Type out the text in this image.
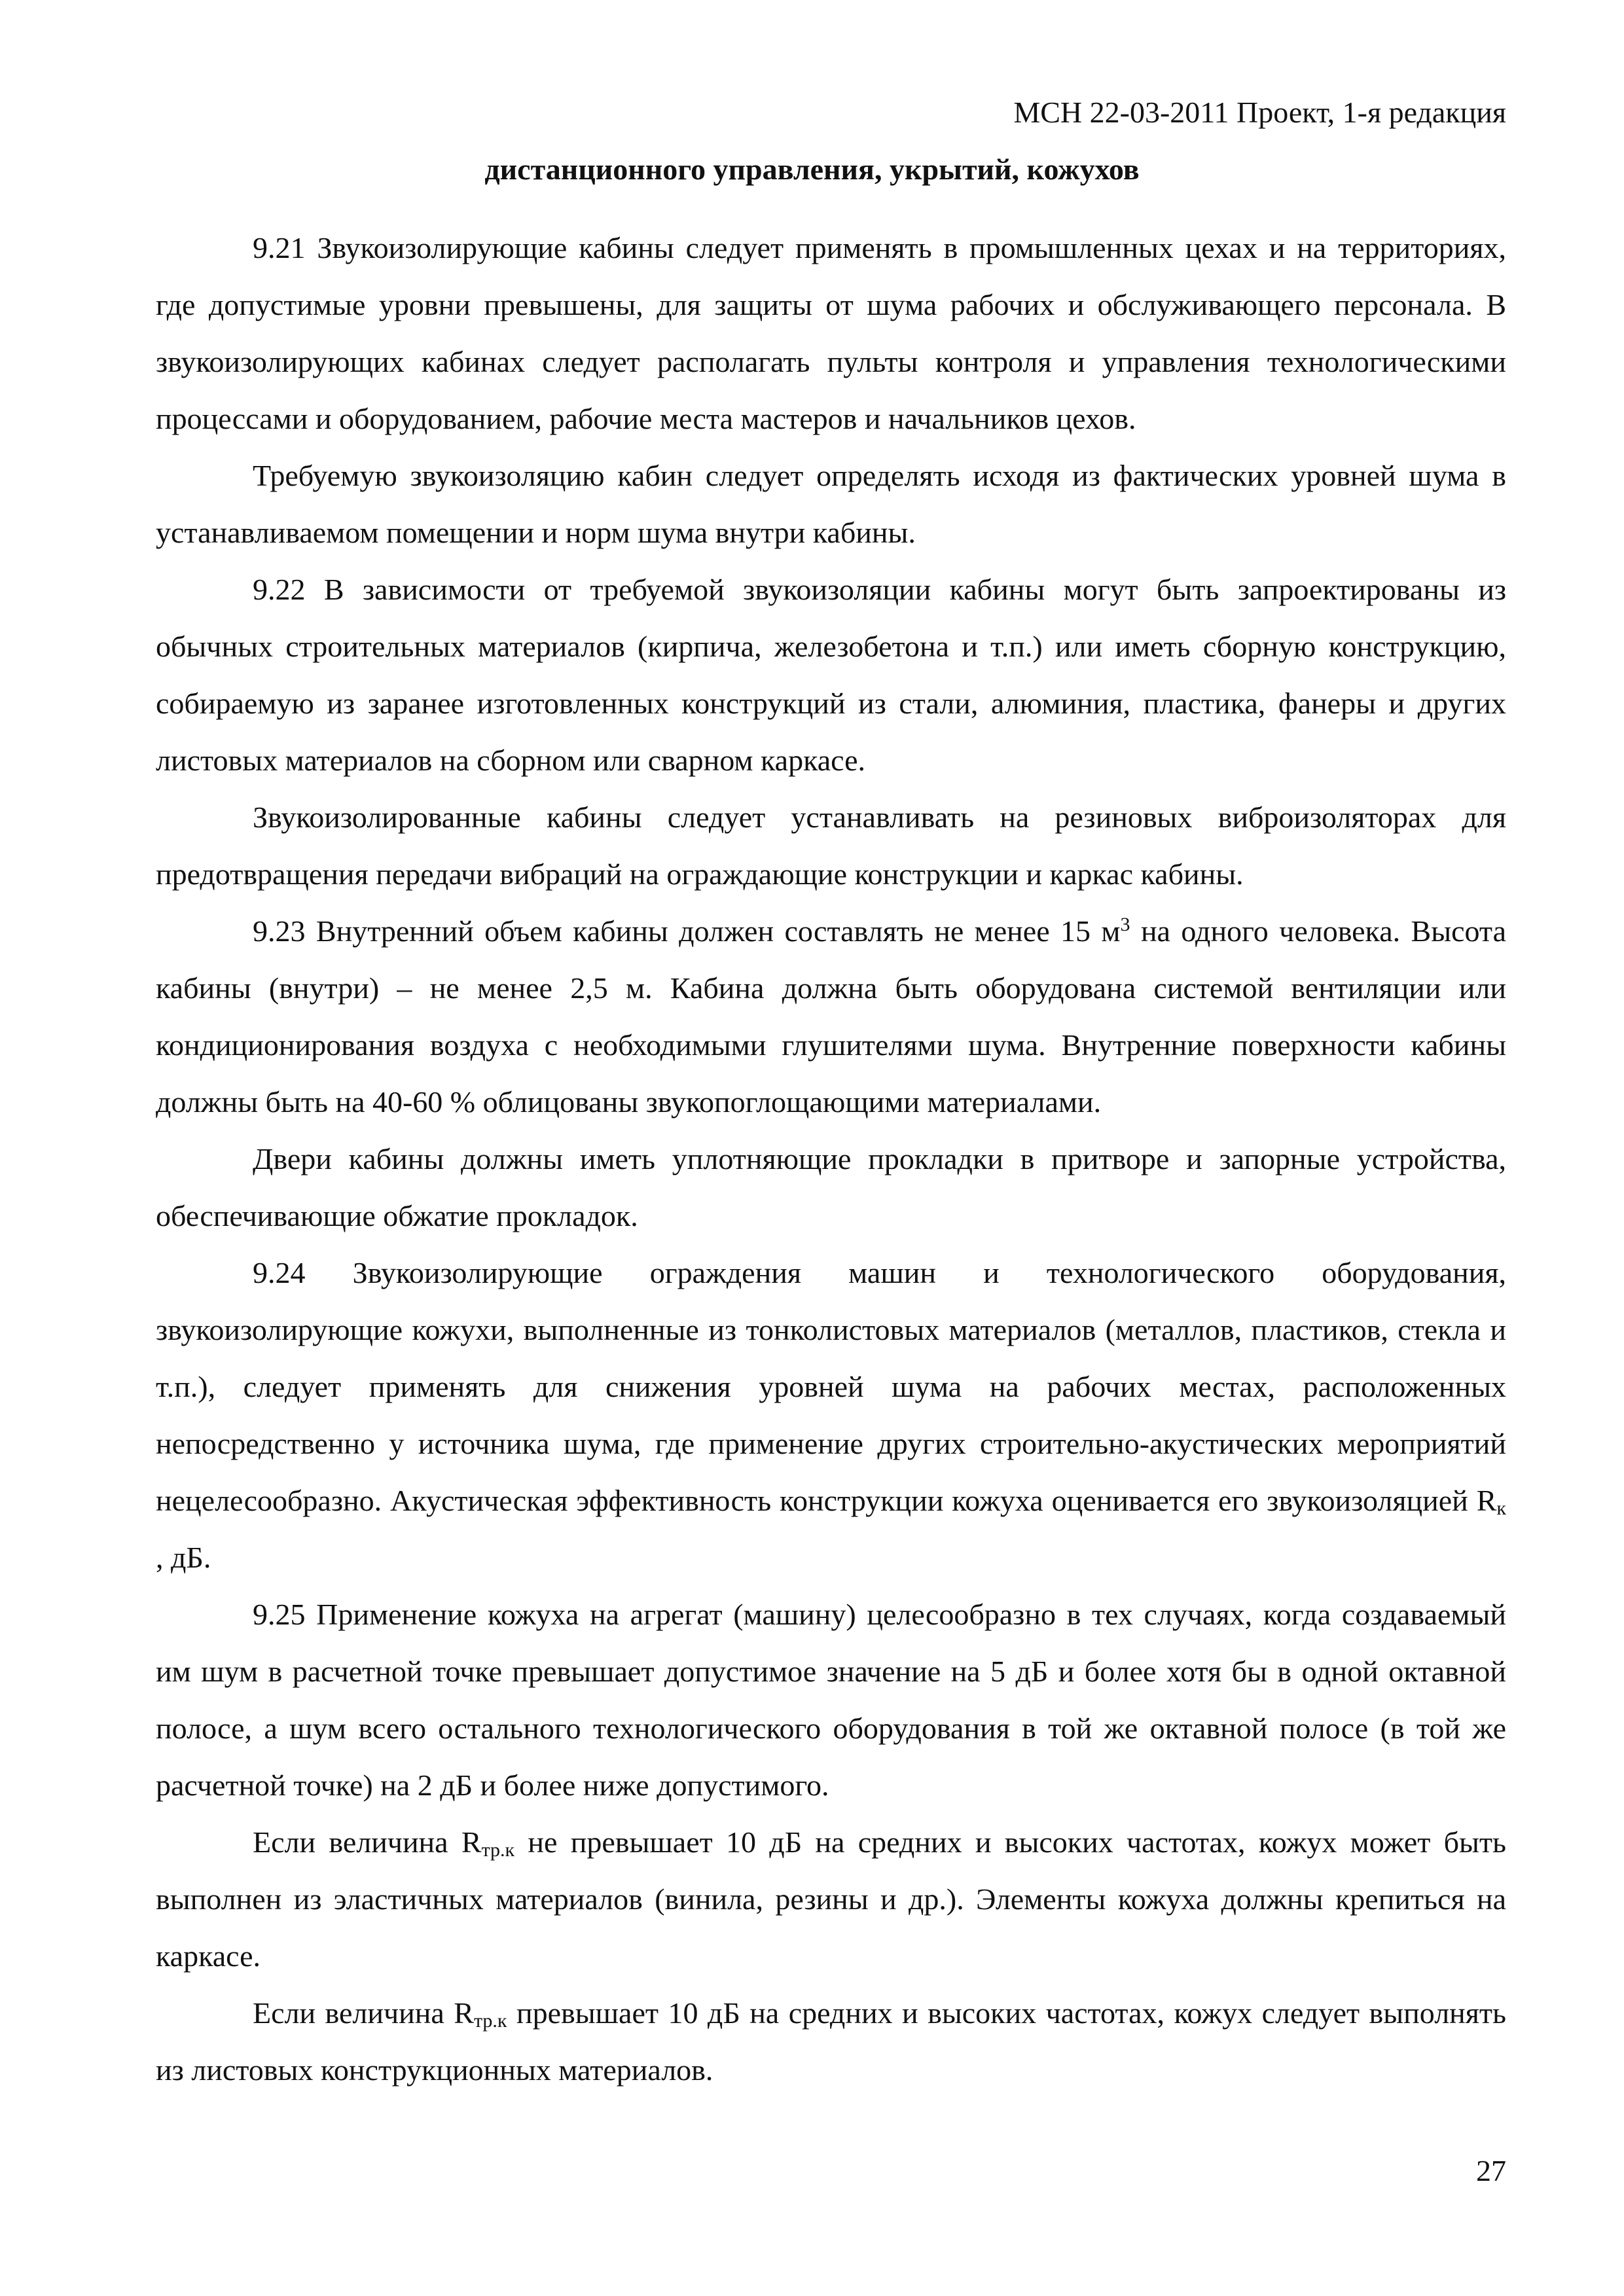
МСН 22-03-2011 Проект, 1-я редакция
дистанционного управления, укрытий, кожухов

9.21 Звукоизолирующие кабины следует применять в промышленных цехах и на территориях, где допустимые уровни превышены, для защиты от шума рабочих и обслуживающего персонала. В звукоизолирующих кабинах следует располагать пульты контроля и управления технологическими процессами и оборудованием, рабочие места мастеров и начальников цехов.

Требуемую звукоизоляцию кабин следует определять исходя из фактических уровней шума в устанавливаемом помещении и норм шума внутри кабины.

9.22 В зависимости от требуемой звукоизоляции кабины могут быть запроектированы из обычных строительных материалов (кирпича, железобетона и т.п.) или иметь сборную конструкцию, собираемую из заранее изготовленных конструкций из стали, алюминия, пластика, фанеры и других листовых материалов на сборном или сварном каркасе.

Звукоизолированные кабины следует устанавливать на резиновых виброизоляторах для предотвращения передачи вибраций на ограждающие конструкции и каркас кабины.

9.23 Внутренний объем кабины должен составлять не менее 15 $м^3$ на одного человека. Высота кабины (внутри) – не менее 2,5 м. Кабина должна быть оборудована системой вентиляции или кондиционирования воздуха с необходимыми глушителями шума. Внутренние поверхности кабины должны быть на 40-60 % облицованы звукопоглощающими материалами.

Двери кабины должны иметь уплотняющие прокладки в притворе и запорные устройства, обеспечивающие обжатие прокладок.

9.24 Звукоизолирующие ограждения машин и технологического оборудования, звукоизолирующие кожухи, выполненные из тонколистовых материалов (металлов, пластиков, стекла и т.п.), следует применять для снижения уровней шума на рабочих местах, расположенных непосредственно у источника шума, где применение других строительно-акустических мероприятий нецелесообразно. Акустическая эффективность конструкции кожуха оценивается его звукоизоляцией $R_к$ , дБ.

9.25 Применение кожуха на агрегат (машину) целесообразно в тех случаях, когда создаваемый им шум в расчетной точке превышает допустимое значение на 5 дБ и более хотя бы в одной октавной полосе, а шум всего остального технологического оборудования в той же октавной полосе (в той же расчетной точке) на 2 дБ и более ниже допустимого.

Если величина $R_{тр.к}$ не превышает 10 дБ на средних и высоких частотах, кожух может быть выполнен из эластичных материалов (винила, резины и др.). Элементы кожуха должны крепиться на каркасе.

Если величина $R_{тр.к}$ превышает 10 дБ на средних и высоких частотах, кожух следует выполнять из листовых конструкционных материалов.

27
